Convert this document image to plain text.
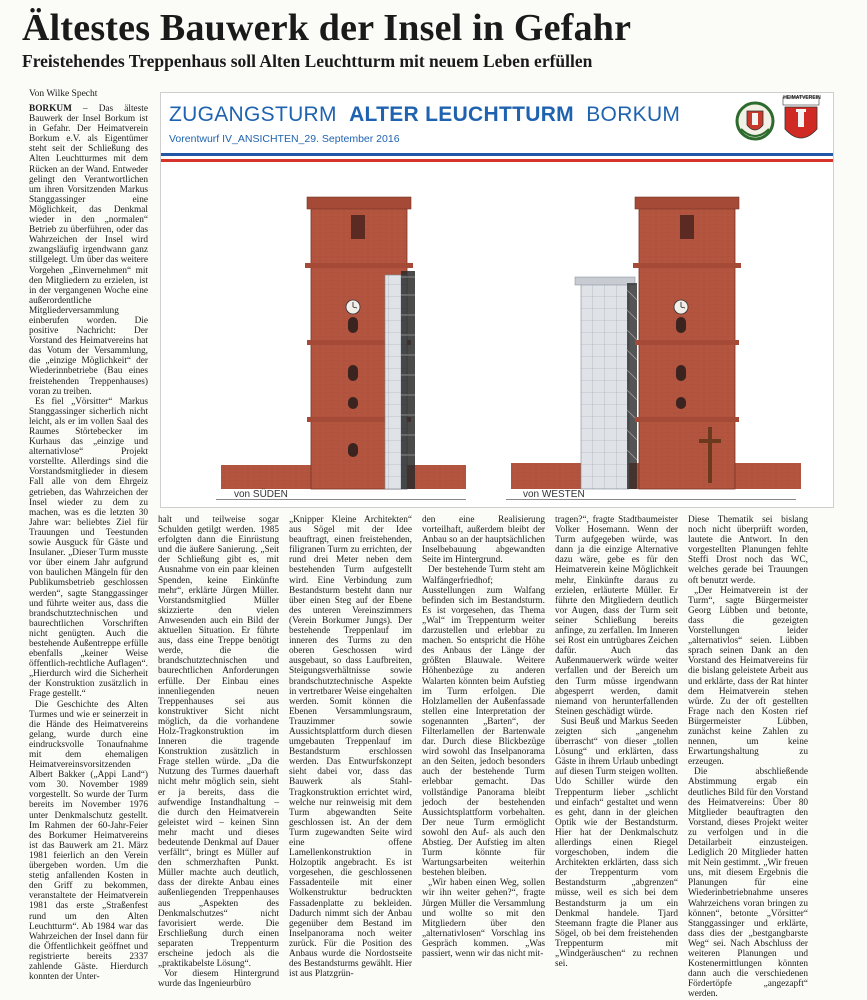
Ältestes Bauwerk der Insel in Gefahr
Freistehendes Treppenhaus soll Alten Leuchtturm mit neuem Leben erfüllen
Von Wilke Specht

BORKUM – Das älteste Bauwerk der Insel Borkum ist in Gefahr. Der Heimatverein Borkum e.V. als Eigentümer steht seit der Schließung des Alten Leuchtturmes mit dem Rücken an der Wand. Entweder gelingt den Verantwortlichen um ihren Vorsitzenden Markus Stanggassinger eine Möglichkeit, das Denkmal wieder in den „normalen“ Betrieb zu überführen, oder das Wahrzeichen der Insel wird zwangsläufig irgendwann ganz stillgelegt. Um über das weitere Vorgehen „Einvernehmen“ mit den Mitgliedern zu erzielen, ist in der vergangenen Woche eine außerordentliche Mitgliederversammlung einberufen worden. Die positive Nachricht: Der Vorstand des Heimatvereins hat das Votum der Versammlung, die „einzige Möglichkeit“ der Wiederinnbetriebe (Bau eines freistehenden Treppenhauses) voran zu treiben.

Es fiel „Vörsitter“ Markus Stanggassinger sicherlich nicht leicht, als er im vollen Saal des Raumes Störtebecker im Kurhaus das „einzige und alternativlose“ Projekt vorstellte. Allerdings sind die Vorstandsmitglieder in diesem Fall alle von dem Ehrgeiz getrieben, das Wahrzeichen der Insel wieder zu dem zu machen, was es die letzten 30 Jahre war: beliebtes Ziel für Trauungen und Teestunden sowie Ausguck für Gäste und Insulaner. „Dieser Turm musste vor über einem Jahr aufgrund von baulichen Mängeln für den Publikumsbetrieb geschlossen werden“, sagte Stanggassinger und führte weiter aus, dass die brandschutztechnischen und baurechtlichen Vorschriften nicht genügten. Auch die bestehende Außentreppe erfülle ebenfalls „keiner Weise öffentlich-rechtliche Auflagen“. „Hierdurch wird die Sicherheit der Konstruktion zusätzlich in Frage gestellt.“

Die Geschichte des Alten Turmes und wie er seinerzeit in die Hände des Heimatvereins gelang, wurde durch eine eindrucksvolle Tonaufnahme mit dem ehemaligen Heimatvereinsvorsitzenden Albert Bakker („Appi Land“) vom 30. November 1989 vorgestellt. So wurde der Turm bereits im November 1976 unter Denkmalschutz gestellt. Im Rahmen der 60-Jahr-Feier des Borkumer Heimatvereins ist das Bauwerk am 21. März 1981 feierlich an den Verein übergeben worden. Um die stetig anfallenden Kosten in den Griff zu bekommen, veranstaltete der Heimatverein 1981 das erste „Straßenfest rund um den Alten Leuchtturm“. Ab 1984 war das Wahrzeichen der Insel dann für die Öffentlichkeit geöffnet und registrierte bereits 2337 zahlende Gäste. Hierdurch konnten der Unter-

ZUGANGSTURM ALTER LEUCHTTURM BORKUM
Vorentwurf IV_ANSICHTEN_29. September 2016
HEIMATVEREIN
von SÜDEN	von WESTEN

halt und teilweise sogar Schulden getilgt werden. 1985 erfolgten dann die Einrüstung und die äußere Sanierung. „Seit der Schließung gibt es, mit Ausnahme von ein paar kleinen Spenden, keine Einkünfte mehr“, erklärte Jürgen Müller. Vorstandsmitglied Müller skizzierte den vielen Anwesenden auch ein Bild der aktuellen Situation. Er führte aus, dass eine Treppe benötigt werde, die die brandschutztechnischen und baurechtlichen Anforderungen erfülle. Der Einbau eines innenliegenden neuen Treppenhauses sei aus konstruktiver Sicht nicht möglich, da die vorhandene Holz-Tragkonstruktion im Inneren die tragende Konstruktion zusätzlich in Frage stellen würde. „Da die Nutzung des Turmes dauerhaft nicht mehr möglich sein, sieht er ja bereits, dass die aufwendige Instandhaltung – die durch den Heimatverein geleistet wird – keinen Sinn mehr macht und dieses bedeutende Denkmal auf Dauer verfällt“, bringt es Müller auf den schmerzhaften Punkt. Müller machte auch deutlich, dass der direkte Anbau eines außenliegenden Treppenhauses aus „Aspekten des Denkmalschutzes“ nicht favorisiert werde. Die Erschließung durch einen separaten Treppenturm erscheine jedoch als die „praktikabelste Lösung“.

Vor diesem Hintergrund wurde das Ingenieurbüro

„Knipper Kleine Architekten“ aus Sögel mit der Idee beauftragt, einen freistehenden, filigranen Turm zu errichten, der rund drei Meter neben dem bestehenden Turm aufgestellt wird. Eine Verbindung zum Bestandsturm besteht dann nur über einen Steg auf der Ebene des unteren Vereinszimmers (Verein Borkumer Jungs). Der bestehende Treppenlauf im inneren des Turms zu den oberen Geschossen wird ausgebaut, so dass Laufbreiten, Steigungsverhältnisse sowie brandschutztechnische Aspekte in vertretbarer Weise eingehalten werden. Somit können die Ebenen Versammlungsraum, Trauzimmer sowie Aussichtsplattform durch diesen umgebauten Treppenlauf im Bestandsturm erschlossen werden. Das Entwurfskonzept sieht dabei vor, dass das Bauwerk als Stahl-Tragkonstruktion errichtet wird, welche nur reinweisig mit dem Turm abgewandten Seite geschlossen ist. An der dem Turm zugewandten Seite wird eine offene Lamellenkonstruktion in Holzoptik angebracht. Es ist vorgesehen, die geschlossenen Fassadenteile mit einer Wolkenstruktur bedruckten Fassadenplatte zu bekleiden. Dadurch nimmt sich der Anbau gegenüber dem Bestand im Inselpanorama noch weiter zurück. Für die Position des Anbaus wurde die Nordostseite des Bestandsturms gewählt. Hier ist aus Platzgrün-

den eine Realisierung vorteilhaft, außerdem bleibt der Anbau so an der hauptsächlichen Inselbebauung abgewandten Seite im Hintergrund.

Der bestehende Turm steht am Walfängerfriedhof; Ausstellungen zum Walfang befinden sich im Bestandsturm. Es ist vorgesehen, das Thema „Wal“ im Treppenturm weiter darzustellen und erlebbar zu machen. So entspricht die Höhe des Anbaus der Länge der größten Blauwale. Weitere Höhenbezüge zu anderen Walarten könnten beim Aufstieg im Turm erfolgen. Die Holzlamellen der Außenfassade stellen eine Interpretation der sogenannten „Barten“, der Filterlamellen der Bartenwale dar. Durch diese Blickbezüge wird sowohl das Inselpanorama an den Seiten, jedoch besonders auch der bestehende Turm erlebbar gemacht. Das vollständige Panorama bleibt jedoch der bestehenden Aussichtsplattform vorbehalten. Der neue Turm ermöglicht sowohl den Auf- als auch den Abstieg. Der Aufstieg im alten Turm könnte für Wartungsarbeiten weiterhin bestehen bleiben.

„Wir haben einen Weg, sollen wir ihn weiter gehen?“, fragte Jürgen Müller die Versammlung und wollte so mit den Mitgliedern über den „alternativlosen“ Vorschlag ins Gespräch kommen. „Was passiert, wenn wir das nicht mit-

tragen?“, fragte Stadtbaumeister Volker Hosemann. Wenn der Turm aufgegeben würde, was dann ja die einzige Alternative dazu wäre, gebe es für den Heimatverein keine Möglichkeit mehr, Einkünfte daraus zu erzielen, erläuterte Müller. Er führte den Mitgliedern deutlich vor Augen, dass der Turm seit seiner Schließung bereits anfinge, zu zerfallen. Im Inneren sei Rost ein untrügbares Zeichen dafür. Auch das Außenmauerwerk würde weiter verfallen und der Bereich um den Turm müsse irgendwann abgesperrt werden, damit niemand von herunterfallenden Steinen geschädigt würde.

Susi Beuß und Markus Seeden zeigten sich „angenehm überrascht“ von dieser „tollen Lösung“ und erklärten, dass Gäste in ihrem Urlaub unbedingt auf diesen Turm steigen wollten. Udo Schiller würde den Treppenturm lieber „schlicht und einfach“ gestaltet und wenn es geht, dann in der gleichen Optik wie der Bestandsturm. Hier hat der Denkmalschutz allerdings einen Riegel vorgeschoben, indem die Architekten erklärten, dass sich der Treppenturm vom Bestandsturm „abgrenzen“ müsse, weil es sich bei dem Bestandsturm ja um ein Denkmal handele. Tjard Steemann fragte die Planer aus Sögel, ob bei dem freistehenden Treppenturm mit „Windgeräuschen“ zu rechnen sei.

Diese Thematik sei bislang noch nicht überprüft worden, lautete die Antwort. In den vorgestellten Planungen fehlte Steffi Drost noch das WC, welches gerade bei Trauungen oft benutzt werde.

„Der Heimatverein ist der Turm“, sagte Bürgermeister Georg Lübben und betonte, dass die gezeigten Vorstellungen leider „alternativlos“ seien. Lübben sprach seinen Dank an den Vorstand des Heimatvereins für die bislang geleistete Arbeit aus und erklärte, dass der Rat hinter dem Heimatverein stehen würde. Zu der oft gestellten Frage nach den Kosten rief Bürgermeister Lübben, zunächst keine Zahlen zu nennen, um keine Erwartungshaltung zu erzeugen.

Die abschließende Abstimmung ergab ein deutliches Bild für den Vorstand des Heimatvereins: Über 80 Mitglieder beauftragten den Vorstand, dieses Projekt weiter zu verfolgen und in die Detailarbeit einzusteigen. Lediglich 20 Mitglieder hatten mit Nein gestimmt. „Wir freuen uns, mit diesem Ergebnis die Planungen für eine Wiederinbetriebnahme unseres Wahrzeichens voran bringen zu können“, betonte „Vörsitter“ Stanggassinger und erklärte, dass dies der „bestgangbarste Weg“ sei. Nach Abschluss der weiteren Planungen und Kostenermittlungen könnten dann auch die verschiedenen Fördertöpfe „angezapft“ werden.
